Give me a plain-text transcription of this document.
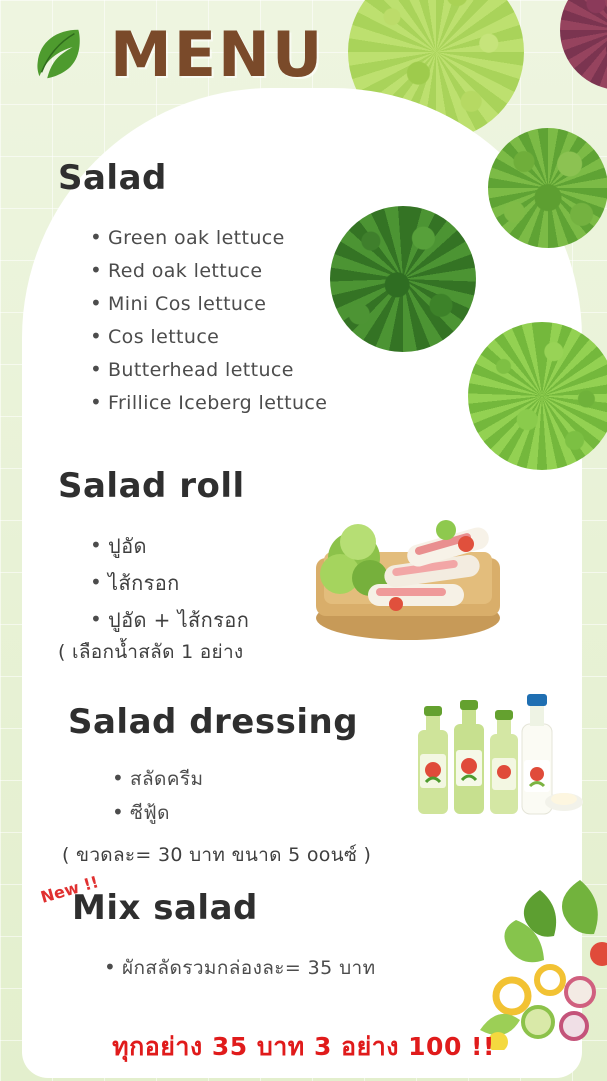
MENU
Salad
• Green oak lettuce
• Red oak lettuce
• Mini Cos lettuce
• Cos lettuce
• Butterhead lettuce
• Frillice Iceberg lettuce
Salad roll
• ปูอัด
• ไส้กรอก
• ปูอัด + ไส้กรอก
( เลือกน้ำสลัด 1 อย่าง
Salad dressing
• สลัดครีม
• ซีฟู้ด
( ขวดละ= 30 บาท ขนาด 5 ooนซ์ )
New !!
Mix salad
• ผักสลัดรวมกล่องละ= 35 บาท
ทุกอย่าง 35 บาท 3 อย่าง 100 !!
